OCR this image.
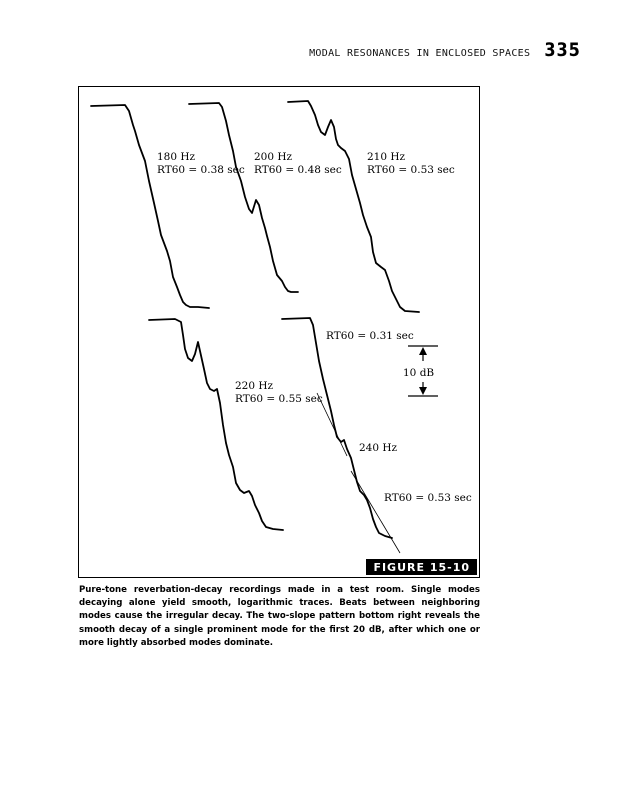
MODAL RESONANCES IN ENCLOSED SPACES 335
180 Hz
RT60 = 0.38 sec
200 Hz
RT60 = 0.48 sec
210 Hz
RT60 = 0.53 sec
220 Hz
RT60 = 0.55 sec
RT60 = 0.31 sec
240 Hz
RT60 = 0.53 sec
10 dB
FIGURE 15-10

Pure-tone reverbation-decay recordings made in a test room. Single modes decaying alone yield smooth, logarithmic traces. Beats between neighboring modes cause the irregular decay. The two-slope pattern bottom right reveals the smooth decay of a single prominent mode for the first 20 dB, after which one or more lightly absorbed modes dominate.
